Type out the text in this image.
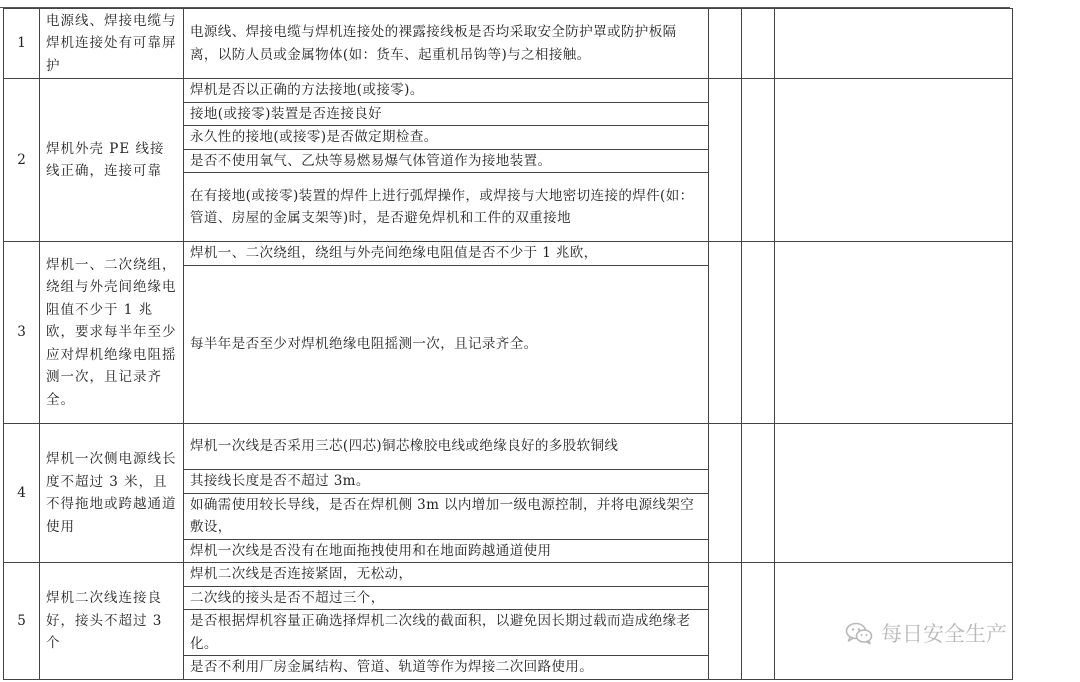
1	电源线、焊接电缆与焊机连接处有可靠屏护	电源线、焊接电缆与焊机连接处的裸露接线板是否均采取安全防护罩或防护板隔离，以防人员或金属物体(如：货车、起重机吊钩等)与之相接触。			
2	焊机外壳 PE 线接线正确，连接可靠	焊机是否以正确的方法接地(或接零)。			
		接地(或接零)装置是否连接良好			
		永久性的接地(或接零)是否做定期检查。			
		是否不使用氧气、乙炔等易燃易爆气体管道作为接地装置。			
		在有接地(或接零)装置的焊件上进行弧焊操作，或焊接与大地密切连接的焊件(如：管道、房屋的金属支架等)时，是否避免焊机和工件的双重接地			
3	焊机一、二次绕组，绕组与外壳间绝缘电阻值不少于 1 兆欧，要求每半年至少应对焊机绝缘电阻摇测一次，且记录齐全。	焊机一、二次绕组，绕组与外壳间绝缘电阻值是否不少于 1 兆欧，			
		每半年是否至少对焊机绝缘电阻摇测一次，且记录齐全。			
4	焊机一次侧电源线长度不超过 3 米，且不得拖地或跨越通道使用	焊机一次线是否采用三芯(四芯)铜芯橡胶电线或绝缘良好的多股软铜线			
		其接线长度是否不超过 3m。			
		如确需使用较长导线，是否在焊机侧 3m 以内增加一级电源控制，并将电源线架空敷设，			
		焊机一次线是否没有在地面拖拽使用和在地面跨越通道使用			
5	焊机二次线连接良好，接头不超过 3 个	焊机二次线是否连接紧固，无松动，			
		二次线的接头是否不超过三个，			
		是否根据焊机容量正确选择焊机二次线的截面积，以避免因长期过载而造成绝缘老化。			
		是否不利用厂房金属结构、管道、轨道等作为焊接二次回路使用。			
每日安全生产
